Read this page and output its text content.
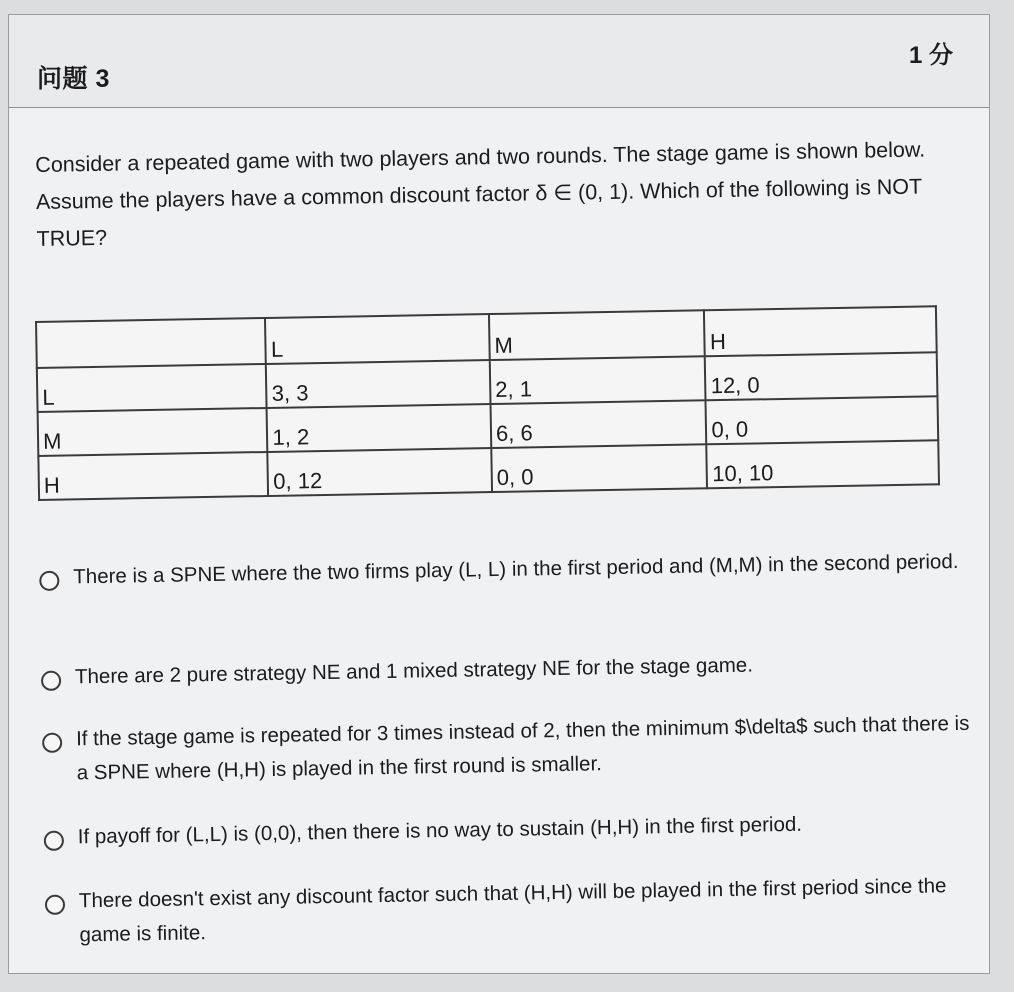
问题 3
1 分
Consider a repeated game with two players and two rounds. The stage game is shown below. Assume the players have a common discount factor δ ∈ (0, 1). Which of the following is NOT TRUE?
	L	M	H
L	3, 3	2, 1	12, 0
M	1, 2	6, 6	0, 0
H	0, 12	0, 0	10, 10
There is a SPNE where the two firms play (L, L) in the first period and (M,M) in the second period.
There are 2 pure strategy NE and 1 mixed strategy NE for the stage game.
If the stage game is repeated for 3 times instead of 2, then the minimum $\delta$ such that there is a SPNE where (H,H) is played in the first round is smaller.
If payoff for (L,L) is (0,0), then there is no way to sustain (H,H) in the first period.
There doesn't exist any discount factor such that (H,H) will be played in the first period since the game is finite.
